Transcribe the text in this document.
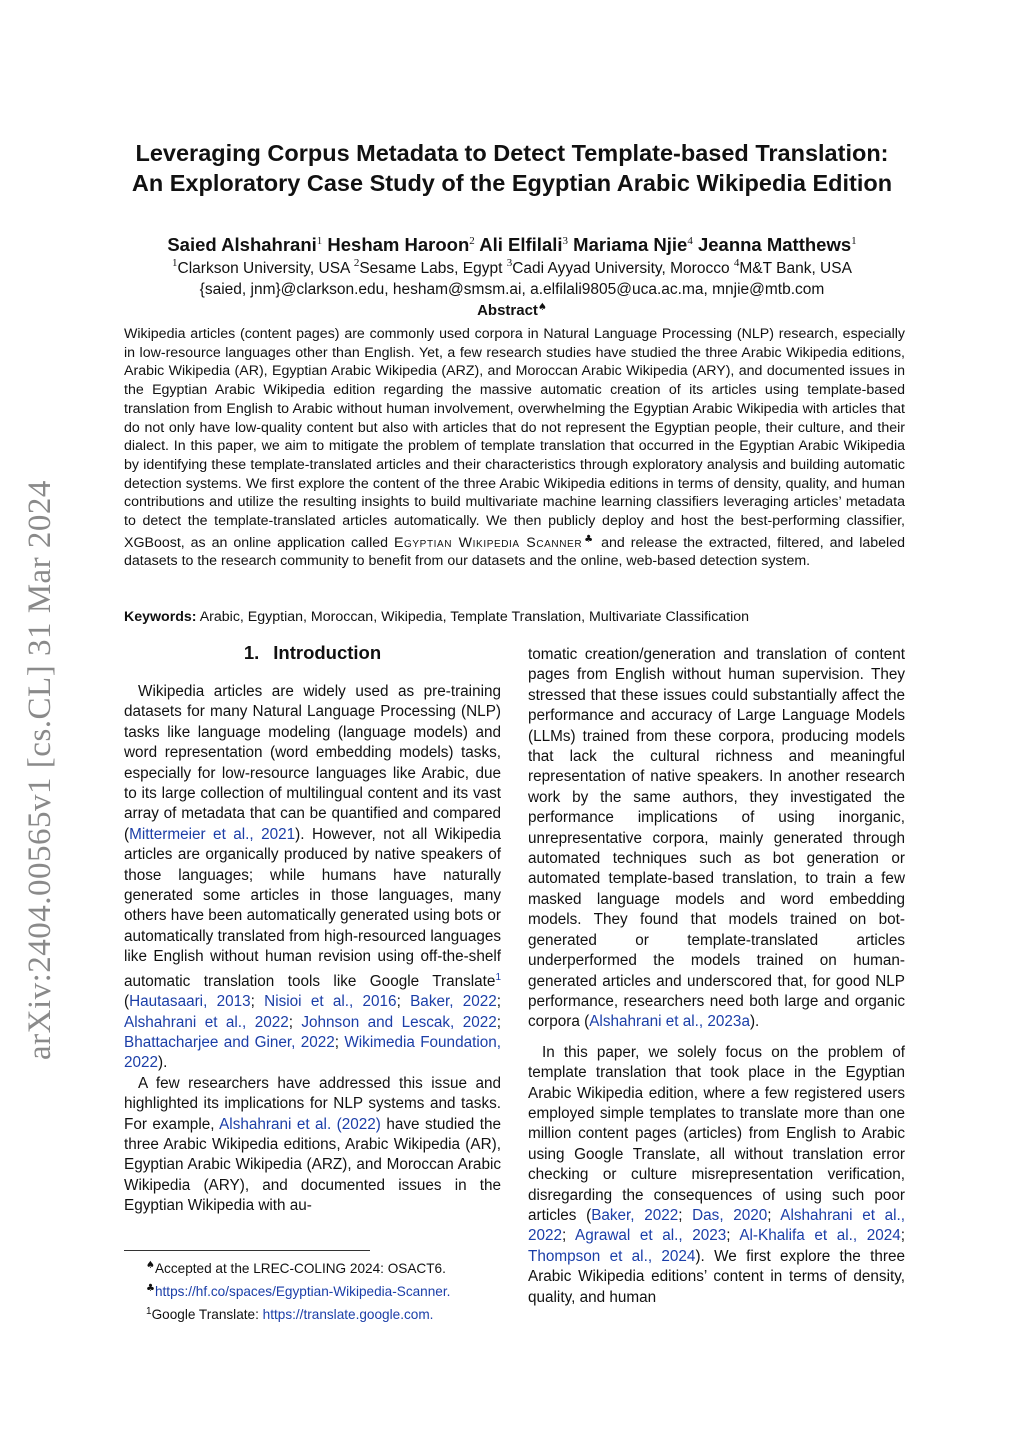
arXiv:2404.00565v1 [cs.CL] 31 Mar 2024
Leveraging Corpus Metadata to Detect Template-based Translation:
An Exploratory Case Study of the Egyptian Arabic Wikipedia Edition
Saied Alshahrani$^1$ Hesham Haroon$^2$ Ali Elfilali$^3$ Mariama Njie$^4$ Jeanna Matthews$^1$
$^1$Clarkson University, USA $^2$Sesame Labs, Egypt $^3$Cadi Ayyad University, Morocco $^4$M&T Bank, USA
{saied, jnm}@clarkson.edu, hesham@smsm.ai, a.elfilali9805@uca.ac.ma, mnjie@mtb.com
Abstract♠
Wikipedia articles (content pages) are commonly used corpora in Natural Language Processing (NLP) research, especially in low-resource languages other than English. Yet, a few research studies have studied the three Arabic Wikipedia editions, Arabic Wikipedia (AR), Egyptian Arabic Wikipedia (ARZ), and Moroccan Arabic Wikipedia (ARY), and documented issues in the Egyptian Arabic Wikipedia edition regarding the massive automatic creation of its articles using template-based translation from English to Arabic without human involvement, overwhelming the Egyptian Arabic Wikipedia with articles that do not only have low-quality content but also with articles that do not represent the Egyptian people, their culture, and their dialect. In this paper, we aim to mitigate the problem of template translation that occurred in the Egyptian Arabic Wikipedia by identifying these template-translated articles and their characteristics through exploratory analysis and building automatic detection systems. We first explore the content of the three Arabic Wikipedia editions in terms of density, quality, and human contributions and utilize the resulting insights to build multivariate machine learning classifiers leveraging articles’ metadata to detect the template-translated articles automatically. We then publicly deploy and host the best-performing classifier, XGBoost, as an online application called Egyptian Wikipedia Scanner♣ and release the extracted, filtered, and labeled datasets to the research community to benefit from our datasets and the online, web-based detection system.
Keywords: Arabic, Egyptian, Moroccan, Wikipedia, Template Translation, Multivariate Classification
1. Introduction

Wikipedia articles are widely used as pre-training datasets for many Natural Language Processing (NLP) tasks like language modeling (language models) and word representation (word embedding models) tasks, especially for low-resource languages like Arabic, due to its large collection of multilingual content and its vast array of metadata that can be quantified and compared (Mittermeier et al., 2021). However, not all Wikipedia articles are organically produced by native speakers of those languages; while humans have naturally generated some articles in those languages, many others have been automatically generated using bots or automatically translated from high-resourced languages like English without human revision using off-the-shelf automatic translation tools like Google Translate$^1$ (Hautasaari, 2013; Nisioi et al., 2016; Baker, 2022; Alshahrani et al., 2022; Johnson and Lescak, 2022; Bhattacharjee and Giner, 2022; Wikimedia Foundation, 2022).

A few researchers have addressed this issue and highlighted its implications for NLP systems and tasks. For example, Alshahrani et al. (2022) have studied the three Arabic Wikipedia editions, Arabic Wikipedia (AR), Egyptian Arabic Wikipedia (ARZ), and Moroccan Arabic Wikipedia (ARY), and documented issues in the Egyptian Wikipedia with au-

tomatic creation/generation and translation of content pages from English without human supervision. They stressed that these issues could substantially affect the performance and accuracy of Large Language Models (LLMs) trained from these corpora, producing models that lack the cultural richness and meaningful representation of native speakers. In another research work by the same authors, they investigated the performance implications of using inorganic, unrepresentative corpora, mainly generated through automated techniques such as bot generation or automated template-based translation, to train a few masked language models and word embedding models. They found that models trained on bot-generated or template-translated articles underperformed the models trained on human-generated articles and underscored that, for good NLP performance, researchers need both large and organic corpora (Alshahrani et al., 2023a).

In this paper, we solely focus on the problem of template translation that took place in the Egyptian Arabic Wikipedia edition, where a few registered users employed simple templates to translate more than one million content pages (articles) from English to Arabic using Google Translate, all without translation error checking or culture misrepresentation verification, disregarding the consequences of using such poor articles (Baker, 2022; Das, 2020; Alshahrani et al., 2022; Agrawal et al., 2023; Al-Khalifa et al., 2024; Thompson et al., 2024). We first explore the three Arabic Wikipedia editions’ content in terms of density, quality, and human

♠Accepted at the LREC-COLING 2024: OSACT6.
♣https://hf.co/spaces/Egyptian-Wikipedia-Scanner.
$^1$Google Translate: https://translate.google.com.
